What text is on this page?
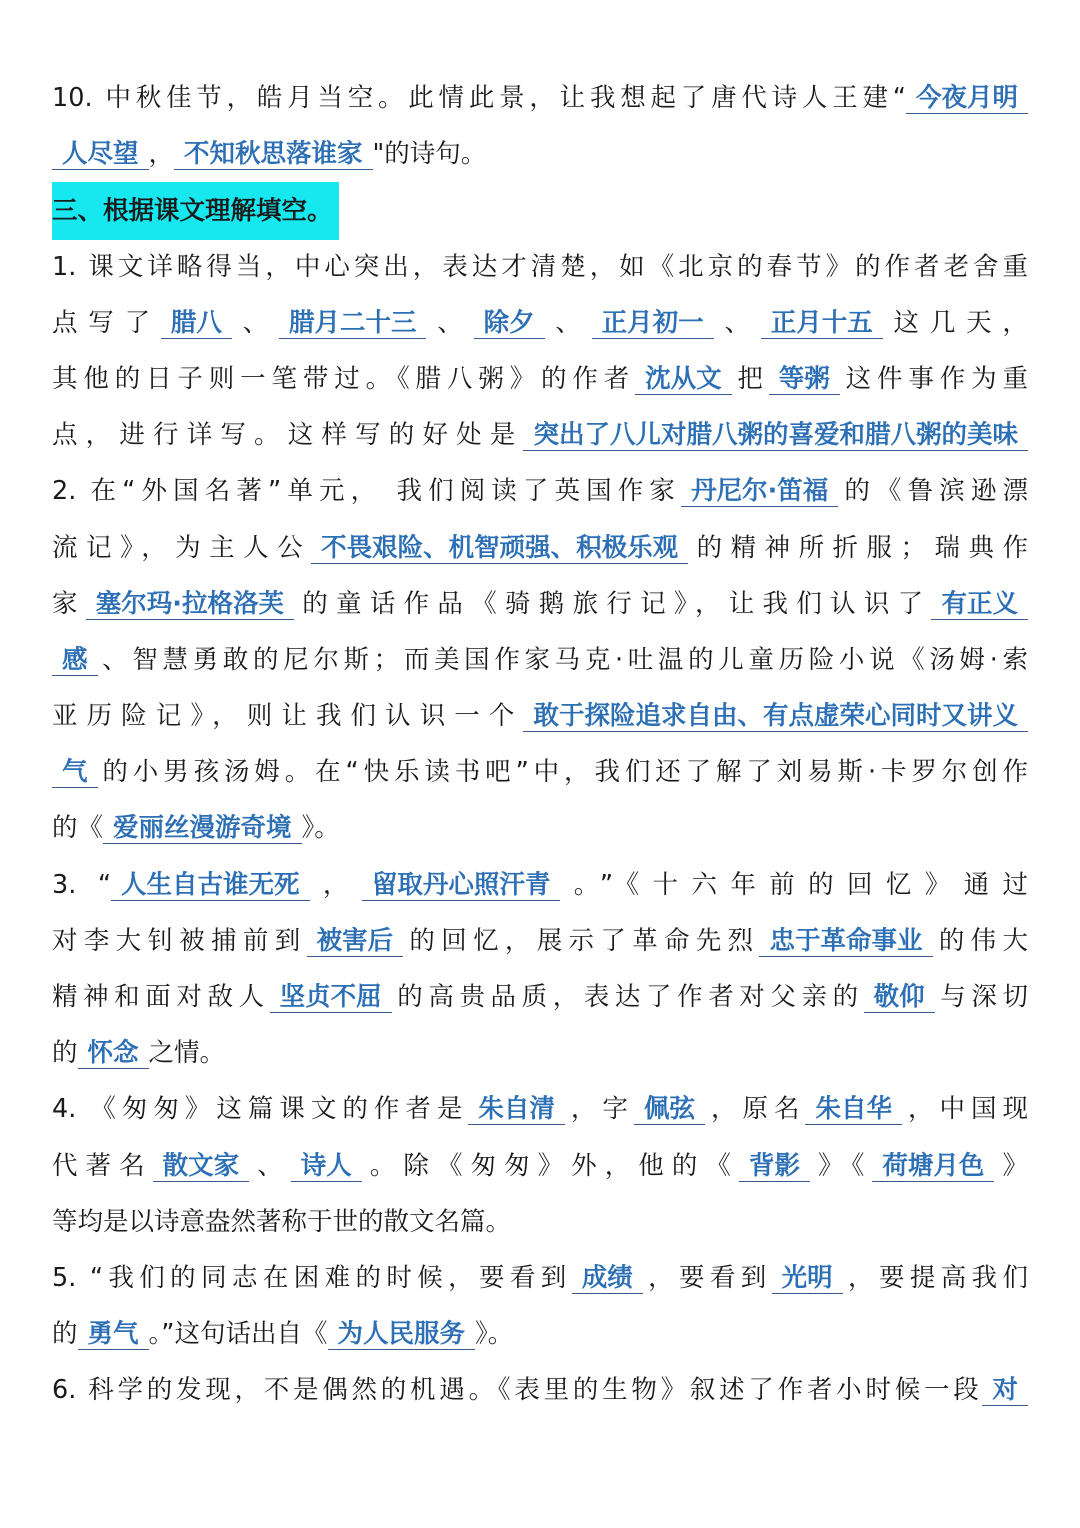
10. 中秋佳节，皓月当空。此情此景，让我想起了唐代诗人王建“ 今夜月明
人尽望 ， 不知秋思落谁家 "的诗句。
三、根据课文理解填空。
1. 课文详略得当，中心突出，表达才清楚，如《北京的春节》的作者老舍重
点写了 腊八 、 腊月二十三 、 除夕 、 正月初一 、 正月十五 这几天，
其他的日子则一笔带过。《腊八粥》的作者 沈从文 把 等粥 这件事作为重
点，进行详写。这样写的好处是 突出了八儿对腊八粥的喜爱和腊八粥的美味
2. 在“外国名著”单元， 我们阅读了英国作家 丹尼尔·笛福 的《鲁滨逊漂
流记》，为主人公 不畏艰险、机智顽强、积极乐观 的精神所折服；瑞典作
家 塞尔玛·拉格洛芙 的童话作品《骑鹅旅行记》，让我们认识了 有正义
感 、智慧勇敢的尼尔斯；而美国作家马克·吐温的儿童历险小说《汤姆·索
亚历险记》，则让我们认识一个 敢于探险追求自由、有点虚荣心同时又讲义
气 的小男孩汤姆。在“快乐读书吧”中，我们还了解了刘易斯·卡罗尔创作
的《 爱丽丝漫游奇境 》。
3. “ 人生自古谁无死 ， 留取丹心照汗青 。”《十六年前的回忆》通过
对李大钊被捕前到 被害后 的回忆，展示了革命先烈 忠于革命事业 的伟大
精神和面对敌人 坚贞不屈 的高贵品质，表达了作者对父亲的 敬仰 与深切
的 怀念 之情。
4. 《匆匆》这篇课文的作者是 朱自清 ，字 佩弦 ，原名 朱自华 ，中国现
代著名 散文家 、 诗人 。除《匆匆》外，他的《 背影 》《 荷塘月色 》
等均是以诗意盎然著称于世的散文名篇。
5. “我们的同志在困难的时候，要看到 成绩 ，要看到 光明 ，要提高我们
的 勇气 。”这句话出自《 为人民服务 》。
6. 科学的发现，不是偶然的机遇。《表里的生物》叙述了作者小时候一段 对
